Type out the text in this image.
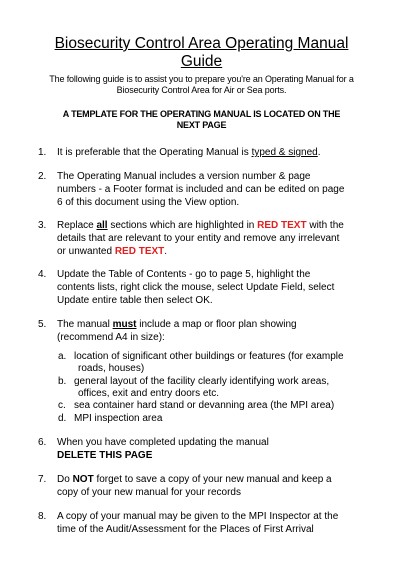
Biosecurity Control Area Operating Manual
Guide
The following guide is to assist you to prepare you're an Operating Manual for a
Biosecurity Control Area for Air or Sea ports.
A TEMPLATE FOR THE OPERATING MANUAL IS LOCATED ON THE
NEXT PAGE
1. It is preferable that the Operating Manual is typed & signed.
2. The Operating Manual includes a version number & page
numbers - a Footer format is included and can be edited on page
6 of this document using the View option.
3. Replace all sections which are highlighted in RED TEXT with the
details that are relevant to your entity and remove any irrelevant
or unwanted RED TEXT.
4. Update the Table of Contents - go to page 5, highlight the
contents lists, right click the mouse, select Update Field, select
Update entire table then select OK.
5. The manual must include a map or floor plan showing
(recommend A4 in size):
a. location of significant other buildings or features (for example
roads, houses)
b. general layout of the facility clearly identifying work areas,
offices, exit and entry doors etc.
c. sea container hard stand or devanning area (the MPI area)
d. MPI inspection area
6. When you have completed updating the manual
DELETE THIS PAGE
7. Do NOT forget to save a copy of your new manual and keep a
copy of your new manual for your records
8. A copy of your manual may be given to the MPI Inspector at the
time of the Audit/Assessment for the Places of First Arrival
